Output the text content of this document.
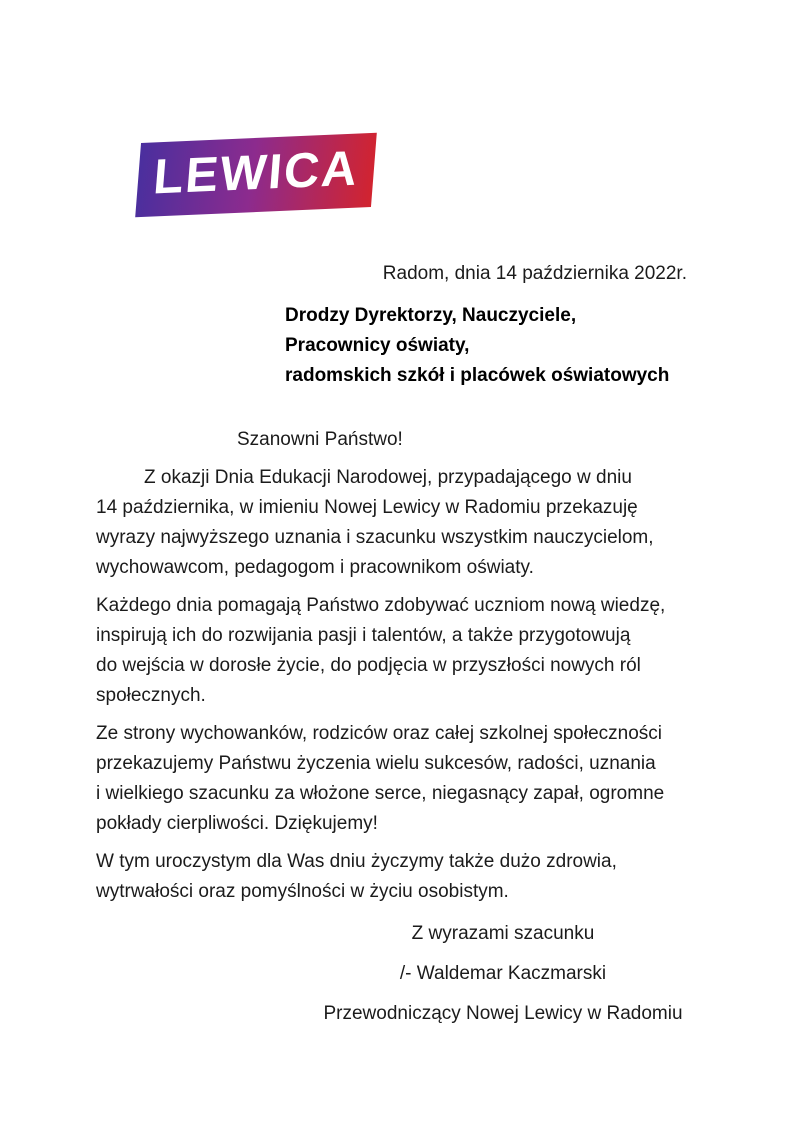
LEWICA
Radom, dnia 14 października 2022r.
Drodzy Dyrektorzy, Nauczyciele,
Pracownicy oświaty,
radomskich szkół i placówek oświatowych
Szanowni Państwo!

Z okazji Dnia Edukacji Narodowej, przypadającego w dniu
14 października, w imieniu Nowej Lewicy w Radomiu przekazuję
wyrazy najwyższego uznania i szacunku wszystkim nauczycielom,
wychowawcom, pedagogom i pracownikom oświaty.

Każdego dnia pomagają Państwo zdobywać uczniom nową wiedzę,
inspirują ich do rozwijania pasji i talentów, a także przygotowują
do wejścia w dorosłe życie, do podjęcia w przyszłości nowych ról
społecznych.

Ze strony wychowanków, rodziców oraz całej szkolnej społeczności
przekazujemy Państwu życzenia wielu sukcesów, radości, uznania
i wielkiego szacunku za włożone serce, niegasnący zapał, ogromne
pokłady cierpliwości. Dziękujemy!

W tym uroczystym dla Was dniu życzymy także dużo zdrowia,
wytrwałości oraz pomyślności w życiu osobistym.

Z wyrazami szacunku
/- Waldemar Kaczmarski
Przewodniczący Nowej Lewicy w Radomiu
